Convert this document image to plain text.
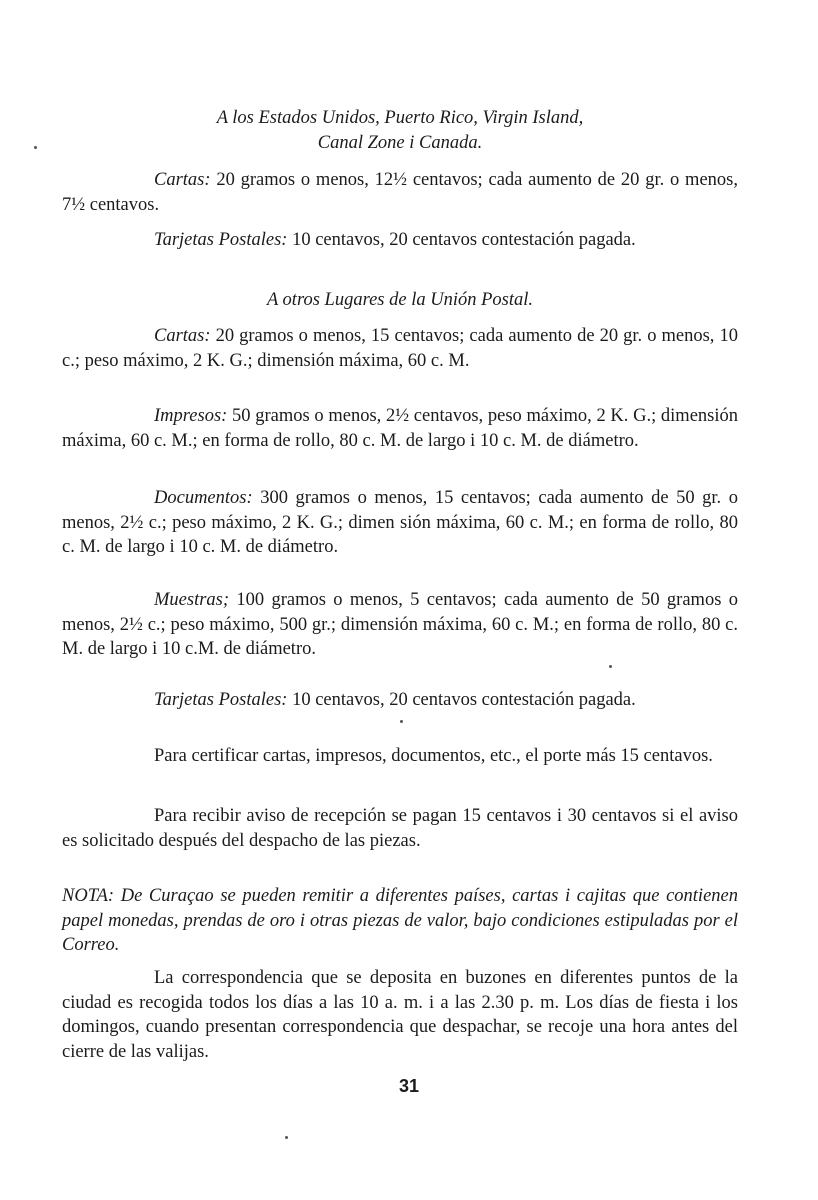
A los Estados Unidos, Puerto Rico, Virgin Island,
Canal Zone i Canada.

Cartas: 20 gramos o menos, 12½ centavos; cada aumento de 20 gr. o menos, 7½ centavos.

Tarjetas Postales: 10 centavos, 20 centavos contestación pagada.

A otros Lugares de la Unión Postal.

Cartas: 20 gramos o menos, 15 centavos; cada aumento de 20 gr. o menos, 10 c.; peso máximo, 2 K. G.; dimensión máxima, 60 c. M.

Impresos: 50 gramos o menos, 2½ centavos, peso máximo, 2 K. G.; dimensión máxima, 60 c. M.; en forma de rollo, 80 c. M. de largo i 10 c. M. de diámetro.

Documentos: 300 gramos o menos, 15 centavos; cada aumento de 50 gr. o menos, 2½ c.; peso máximo, 2 K. G.; dimen sión máxima, 60 c. M.; en forma de rollo, 80 c. M. de largo i 10 c. M. de diámetro.

Muestras; 100 gramos o menos, 5 centavos; cada aumento de 50 gramos o menos, 2½ c.; peso máximo, 500 gr.; dimensión máxima, 60 c. M.; en forma de rollo, 80 c. M. de largo i 10 c.M. de diámetro.

Tarjetas Postales: 10 centavos, 20 centavos contestación pagada.

Para certificar cartas, impresos, documentos, etc., el porte más 15 centavos.

Para recibir aviso de recepción se pagan 15 centavos i 30 centavos si el aviso es solicitado después del despacho de las piezas.

NOTA: De Curaçao se pueden remitir a diferentes países, cartas i cajitas que contienen papel monedas, prendas de oro i otras piezas de valor, bajo condiciones estipuladas por el Correo.

La correspondencia que se deposita en buzones en diferentes puntos de la ciudad es recogida todos los días a las 10 a. m. i a las 2.30 p. m. Los días de fiesta i los domingos, cuando presentan correspondencia que despachar, se recoje una hora antes del cierre de las valijas.

31
